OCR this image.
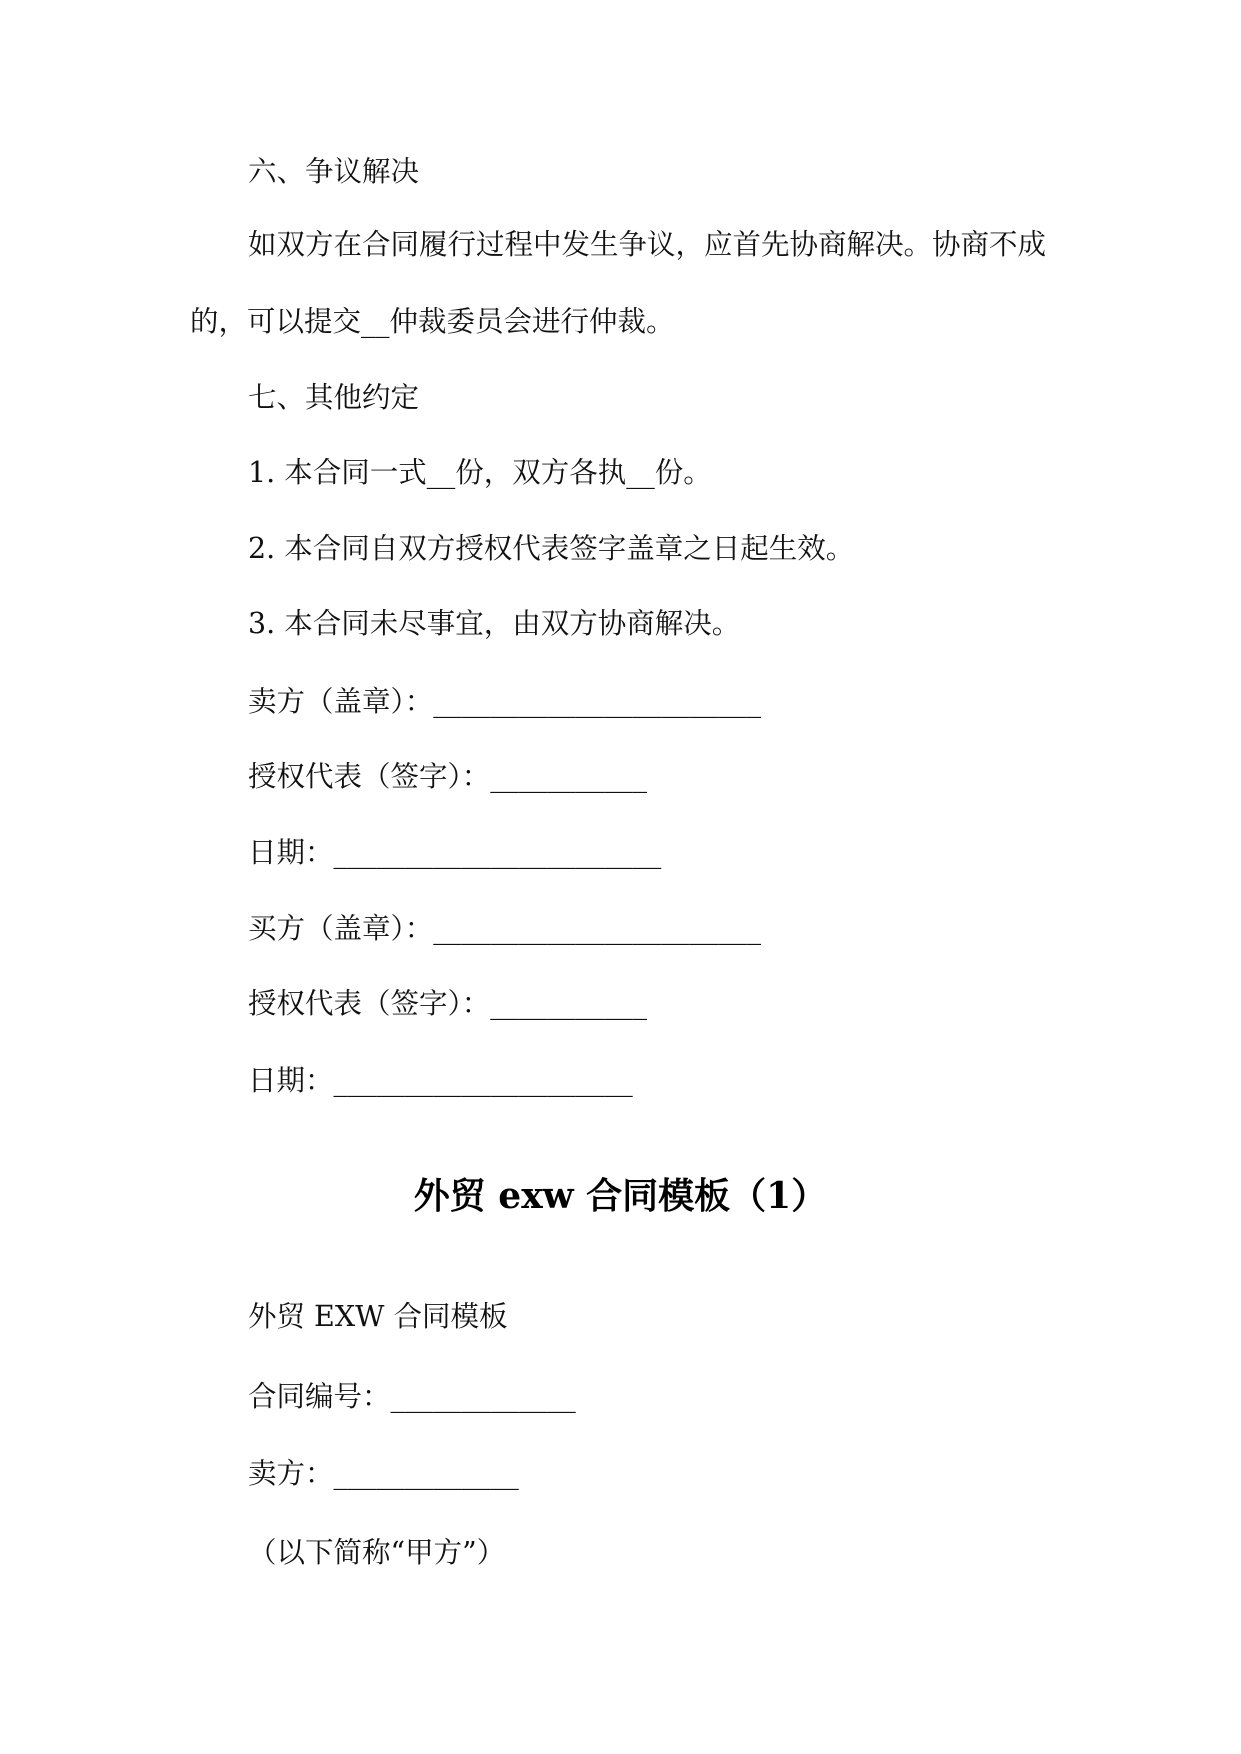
六、争议解决
如双方在合同履行过程中发生争议，应首先协商解决。协商不成
的，可以提交__仲裁委员会进行仲裁。
七、其他约定
1. 本合同一式__份，双方各执__份。
2. 本合同自双方授权代表签字盖章之日起生效。
3. 本合同未尽事宜，由双方协商解决。
卖方（盖章）：_______________________
授权代表（签字）：___________
日期：_______________________
买方（盖章）：_______________________
授权代表（签字）：___________
日期：_____________________
外贸 exw 合同模板（1）
外贸 EXW 合同模板
合同编号：_____________
卖方：_____________
（以下简称“甲方”）
